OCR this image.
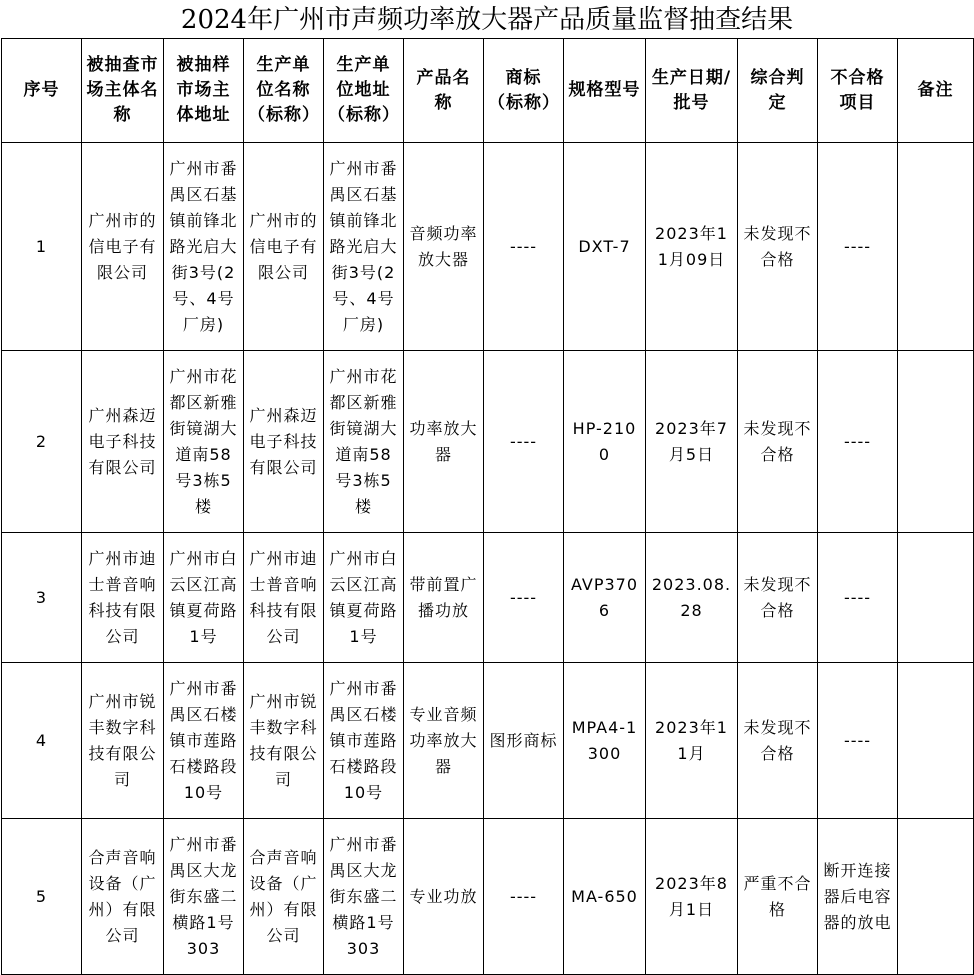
2024年广州市声频功率放大器产品质量监督抽查结果
序号	被抽查市场主体名称	被抽样市场主体地址	生产单位名称（标称）	生产单位地址（标称）	产品名称	商标（标称）	规格型号	生产日期/批号	综合判定	不合格项目	备注
1	广州市的信电子有限公司	广州市番禺区石基镇前锋北路光启大街3号(2号、4号厂房)	广州市的信电子有限公司	广州市番禺区石基镇前锋北路光启大街3号(2号、4号厂房)	音频功率放大器	----	DXT-7	2023年11月09日	未发现不合格	----	
2	广州森迈电子科技有限公司	广州市花都区新雅街镜湖大道南58号3栋5楼	广州森迈电子科技有限公司	广州市花都区新雅街镜湖大道南58号3栋5楼	功率放大器	----	HP-2100	2023年7月5日	未发现不合格	----	
3	广州市迪士普音响科技有限公司	广州市白云区江高镇夏荷路1号	广州市迪士普音响科技有限公司	广州市白云区江高镇夏荷路1号	带前置广播功放	----	AVP3706	2023.08.28	未发现不合格	----	
4	广州市锐丰数字科技有限公司	广州市番禺区石楼镇市莲路石楼路段10号	广州市锐丰数字科技有限公司	广州市番禺区石楼镇市莲路石楼路段10号	专业音频功率放大器	图形商标	MPA4-1300	2023年11月	未发现不合格	----	
5	合声音响设备（广州）有限公司	广州市番禺区大龙街东盛二横路1号303	合声音响设备（广州）有限公司	广州市番禺区大龙街东盛二横路1号303	专业功放	----	MA-650	2023年8月1日	严重不合格	断开连接器后电容器的放电	
